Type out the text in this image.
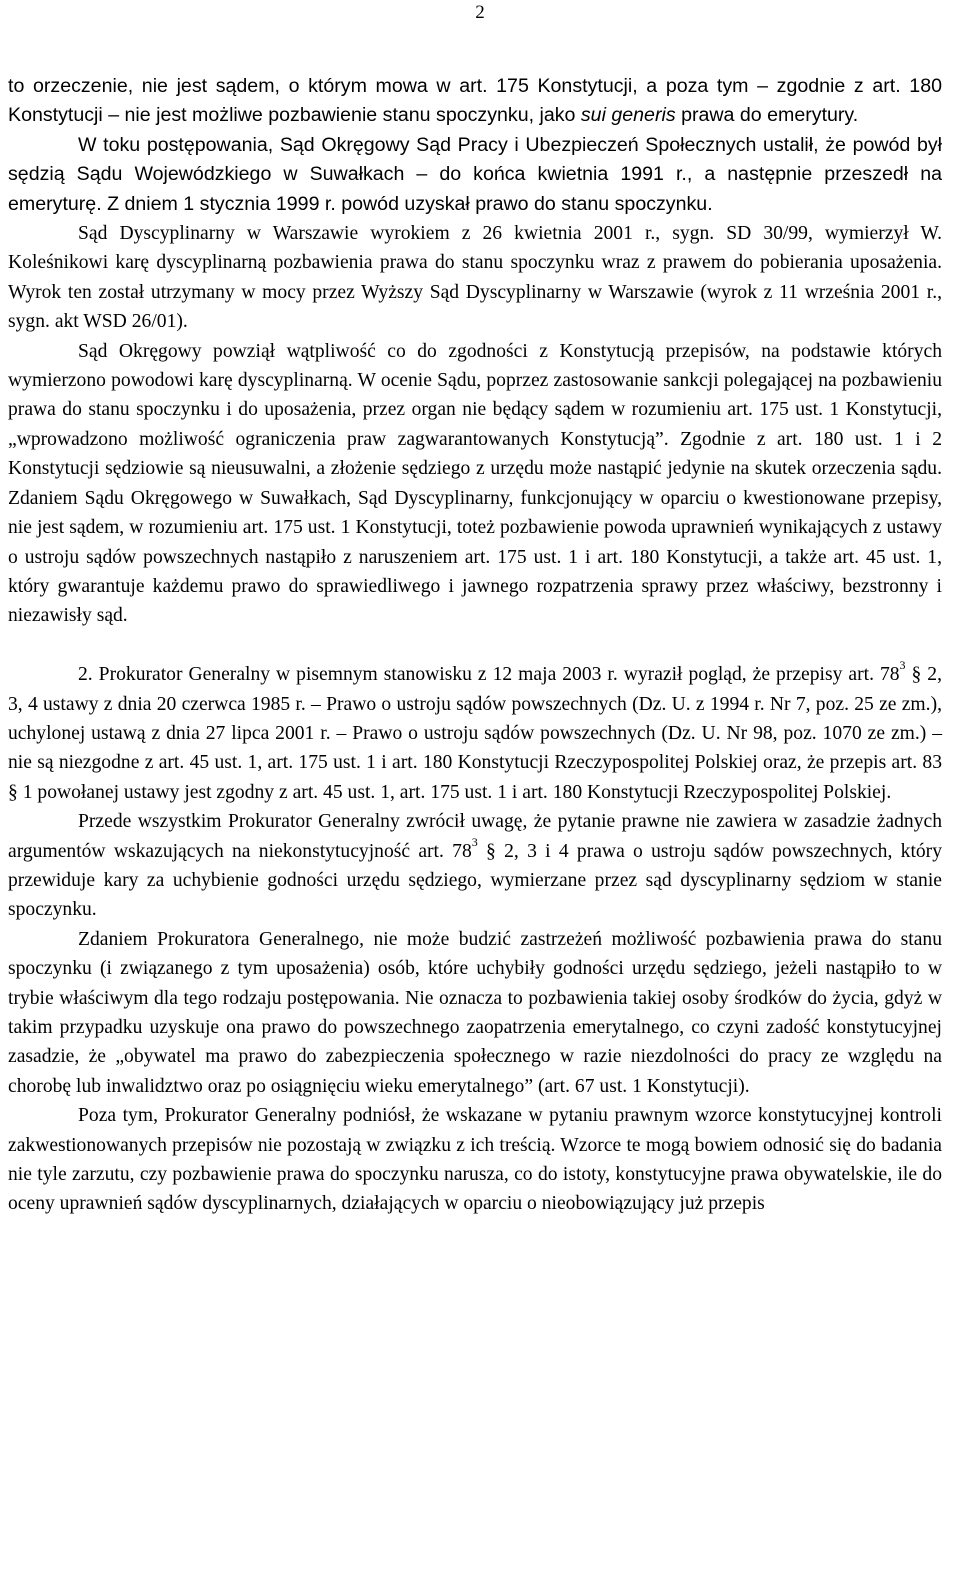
2

to orzeczenie, nie jest sądem, o którym mowa w art. 175 Konstytucji, a poza tym – zgodnie z art. 180 Konstytucji – nie jest możliwe pozbawienie stanu spoczynku, jako sui generis prawa do emerytury.

W toku postępowania, Sąd Okręgowy Sąd Pracy i Ubezpieczeń Społecznych ustalił, że powód był sędzią Sądu Wojewódzkiego w Suwałkach – do końca kwietnia 1991 r., a następnie przeszedł na emeryturę. Z dniem 1 stycznia 1999 r. powód uzyskał prawo do stanu spoczynku.

Sąd Dyscyplinarny w Warszawie wyrokiem z 26 kwietnia 2001 r., sygn. SD 30/99, wymierzył W. Koleśnikowi karę dyscyplinarną pozbawienia prawa do stanu spoczynku wraz z prawem do pobierania uposażenia. Wyrok ten został utrzymany w mocy przez Wyższy Sąd Dyscyplinarny w Warszawie (wyrok z 11 września 2001 r., sygn. akt WSD 26/01).

Sąd Okręgowy powziął wątpliwość co do zgodności z Konstytucją przepisów, na podstawie których wymierzono powodowi karę dyscyplinarną. W ocenie Sądu, poprzez zastosowanie sankcji polegającej na pozbawieniu prawa do stanu spoczynku i do uposażenia, przez organ nie będący sądem w rozumieniu art. 175 ust. 1 Konstytucji, „wprowadzono możliwość ograniczenia praw zagwarantowanych Konstytucją”. Zgodnie z art. 180 ust. 1 i 2 Konstytucji sędziowie są nieusuwalni, a złożenie sędziego z urzędu może nastąpić jedynie na skutek orzeczenia sądu. Zdaniem Sądu Okręgowego w Suwałkach, Sąd Dyscyplinarny, funkcjonujący w oparciu o kwestionowane przepisy, nie jest sądem, w rozumieniu art. 175 ust. 1 Konstytucji, toteż pozbawienie powoda uprawnień wynikających z ustawy o ustroju sądów powszechnych nastąpiło z naruszeniem art. 175 ust. 1 i art. 180 Konstytucji, a także art. 45 ust. 1, który gwarantuje każdemu prawo do sprawiedliwego i jawnego rozpatrzenia sprawy przez właściwy, bezstronny i niezawisły sąd.

2. Prokurator Generalny w pisemnym stanowisku z 12 maja 2003 r. wyraził pogląd, że przepisy art. $78^3$ § 2, 3, 4 ustawy z dnia 20 czerwca 1985 r. – Prawo o ustroju sądów powszechnych (Dz. U. z 1994 r. Nr 7, poz. 25 ze zm.), uchylonej ustawą z dnia 27 lipca 2001 r. – Prawo o ustroju sądów powszechnych (Dz. U. Nr 98, poz. 1070 ze zm.) – nie są niezgodne z art. 45 ust. 1, art. 175 ust. 1 i art. 180 Konstytucji Rzeczypospolitej Polskiej oraz, że przepis art. 83 § 1 powołanej ustawy jest zgodny z art. 45 ust. 1, art. 175 ust. 1 i art. 180 Konstytucji Rzeczypospolitej Polskiej.

Przede wszystkim Prokurator Generalny zwrócił uwagę, że pytanie prawne nie zawiera w zasadzie żadnych argumentów wskazujących na niekonstytucyjność art. $78^3$ § 2, 3 i 4 prawa o ustroju sądów powszechnych, który przewiduje kary za uchybienie godności urzędu sędziego, wymierzane przez sąd dyscyplinarny sędziom w stanie spoczynku.

Zdaniem Prokuratora Generalnego, nie może budzić zastrzeżeń możliwość pozbawienia prawa do stanu spoczynku (i związanego z tym uposażenia) osób, które uchybiły godności urzędu sędziego, jeżeli nastąpiło to w trybie właściwym dla tego rodzaju postępowania. Nie oznacza to pozbawienia takiej osoby środków do życia, gdyż w takim przypadku uzyskuje ona prawo do powszechnego zaopatrzenia emerytalnego, co czyni zadość konstytucyjnej zasadzie, że „obywatel ma prawo do zabezpieczenia społecznego w razie niezdolności do pracy ze względu na chorobę lub inwalidztwo oraz po osiągnięciu wieku emerytalnego” (art. 67 ust. 1 Konstytucji).

Poza tym, Prokurator Generalny podniósł, że wskazane w pytaniu prawnym wzorce konstytucyjnej kontroli zakwestionowanych przepisów nie pozostają w związku z ich treścią. Wzorce te mogą bowiem odnosić się do badania nie tyle zarzutu, czy pozbawienie prawa do spoczynku narusza, co do istoty, konstytucyjne prawa obywatelskie, ile do oceny uprawnień sądów dyscyplinarnych, działających w oparciu o nieobowiązujący już przepis
